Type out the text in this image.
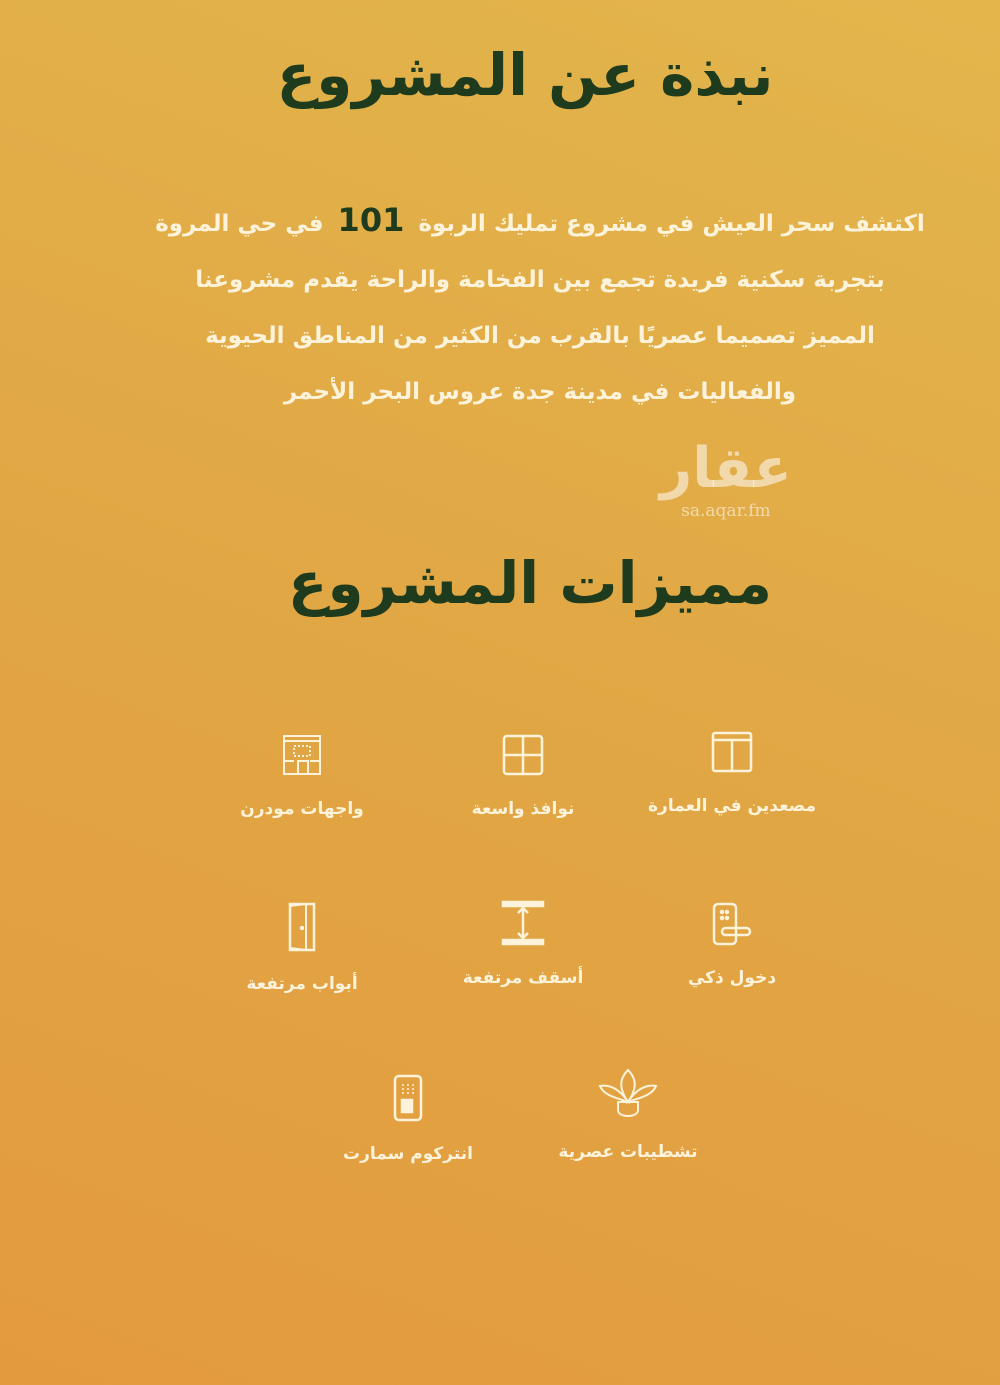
نبذة عن المشروع
اكتشف سحر العيش في مشروع تمليك الربوة101في حي المروة
بتجربة سكنية فريدة تجمع بين الفخامة والراحة يقدم مشروعنا
المميز تصميما عصريًا بالقرب من الكثير من المناطق الحيوية
والفعاليات في مدينة جدة عروس البحر الأحمر
عقار
sa.aqar.fm
مميزات المشروع
مصعدين في العمارة
نوافذ واسعة
واجهات مودرن
دخول ذكي
أسقف مرتفعة
أبواب مرتفعة
تشطيبات عصرية
انتركوم سمارت
